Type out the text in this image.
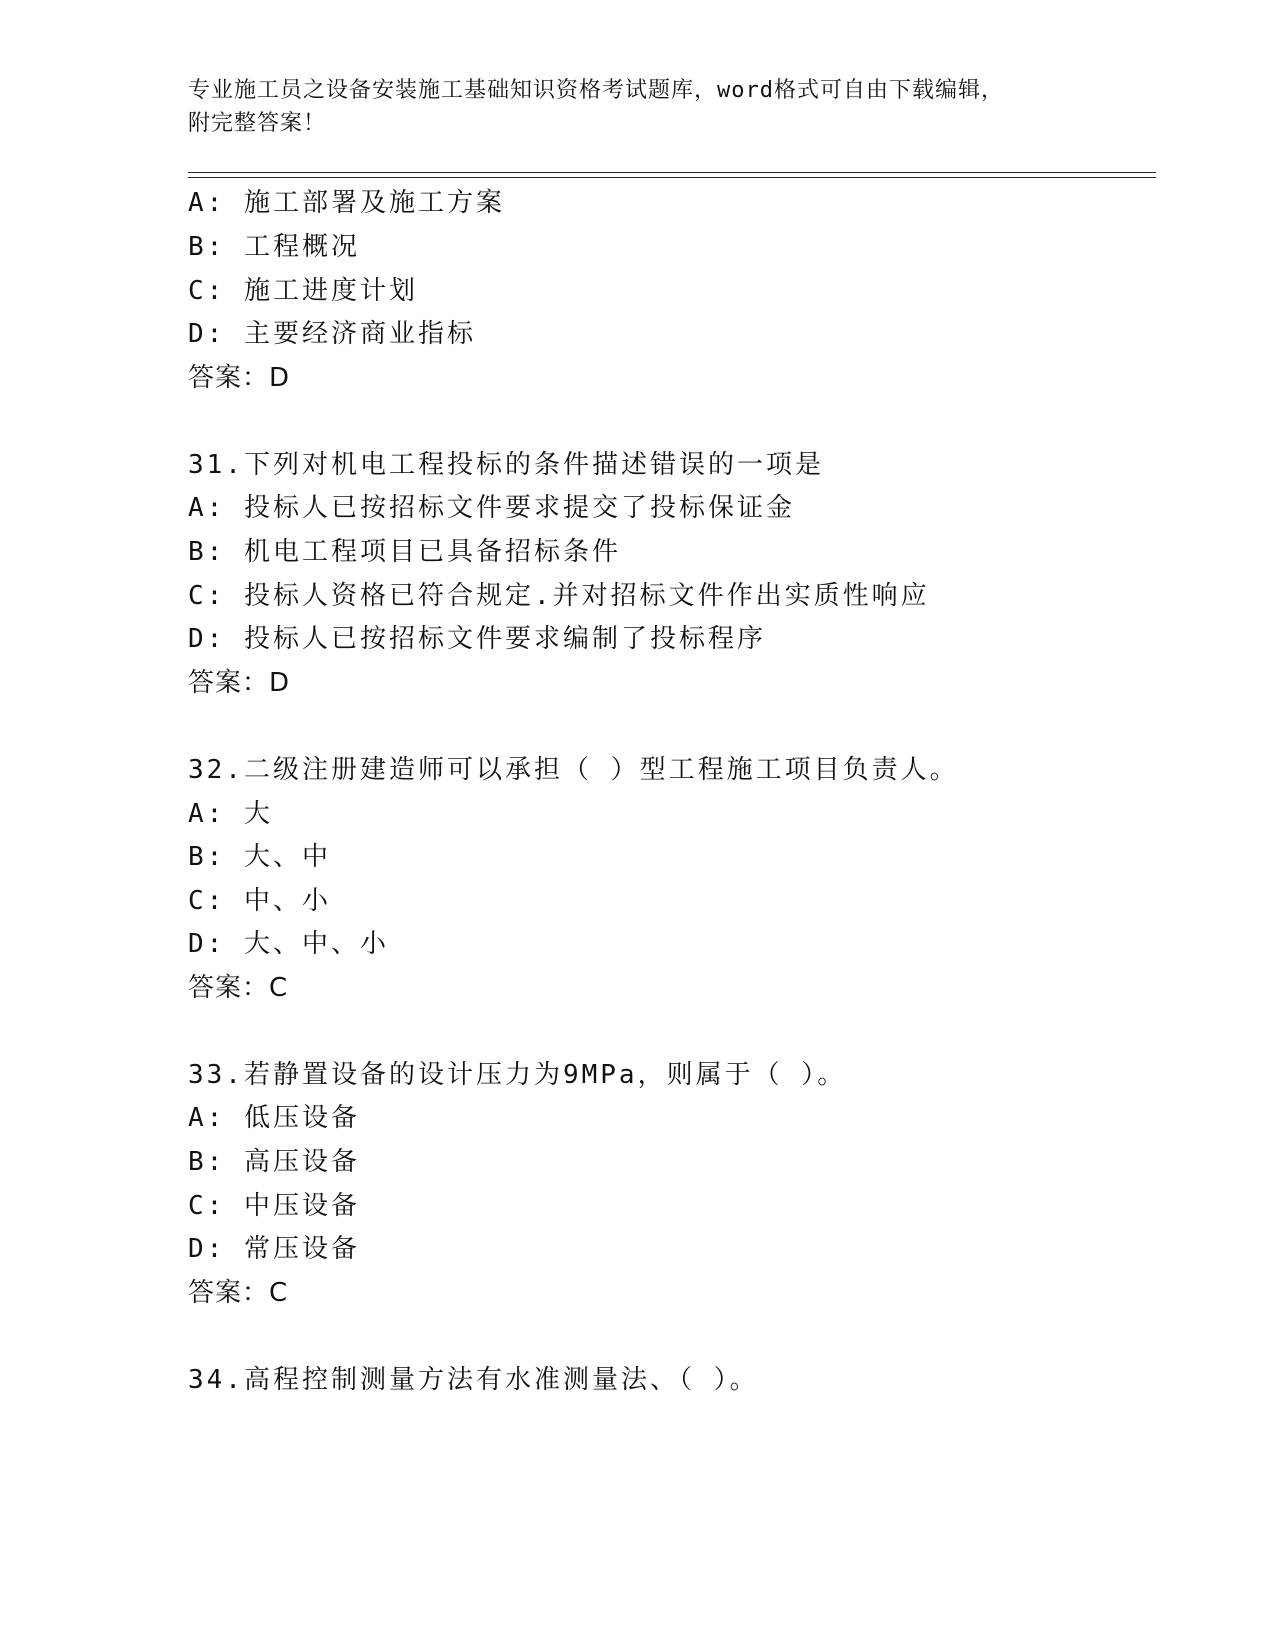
专业施工员之设备安装施工基础知识资格考试题库，word格式可自由下载编辑，
附完整答案！
A: 施工部署及施工方案
B: 工程概况
C: 施工进度计划
D: 主要经济商业指标
答案：D
31.下列对机电工程投标的条件描述错误的一项是
A: 投标人已按招标文件要求提交了投标保证金
B: 机电工程项目已具备招标条件
C: 投标人资格已符合规定.并对招标文件作出实质性响应
D: 投标人已按招标文件要求编制了投标程序
答案：D
32.二级注册建造师可以承担（ ）型工程施工项目负责人。
A: 大
B: 大、中
C: 中、小
D: 大、中、小
答案：C
33.若静置设备的设计压力为9MPa，则属于（ ）。
A: 低压设备
B: 高压设备
C: 中压设备
D: 常压设备
答案：C
34.高程控制测量方法有水准测量法、（ ）。
